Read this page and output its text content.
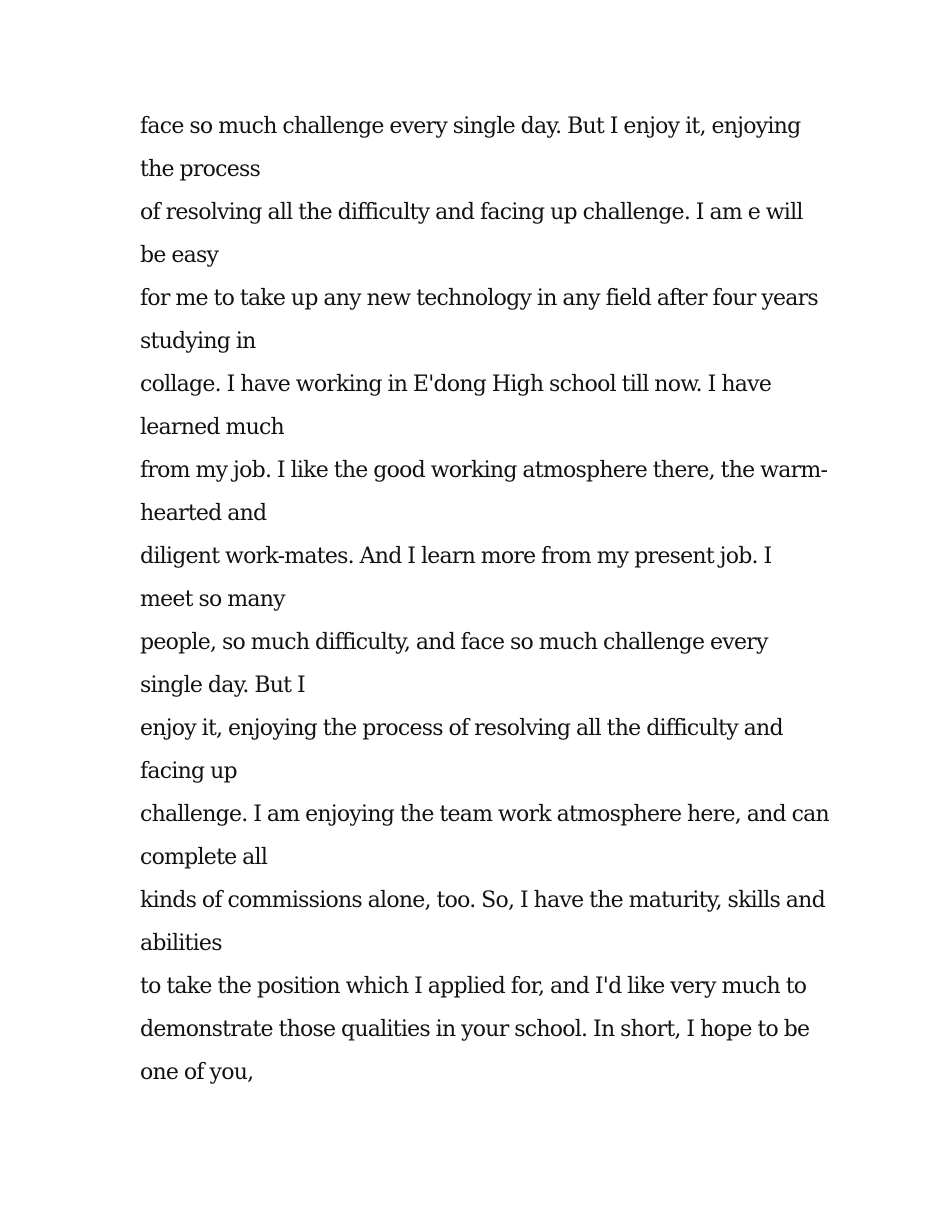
face so much challenge every single day. But I enjoy it, enjoying
the process
of resolving all the difficulty and facing up challenge. I am e will
be easy
for me to take up any new technology in any field after four years
studying in
collage. I have working in E'dong High school till now. I have
learned much
from my job. I like the good working atmosphere there, the warm-
hearted and
diligent work-mates. And I learn more from my present job. I
meet so many
people, so much difficulty, and face so much challenge every
single day. But I
enjoy it, enjoying the process of resolving all the difficulty and
facing up
challenge. I am enjoying the team work atmosphere here, and can
complete all
kinds of commissions alone, too. So, I have the maturity, skills and
abilities
to take the position which I applied for, and I'd like very much to
demonstrate those qualities in your school. In short, I hope to be
one of you,
